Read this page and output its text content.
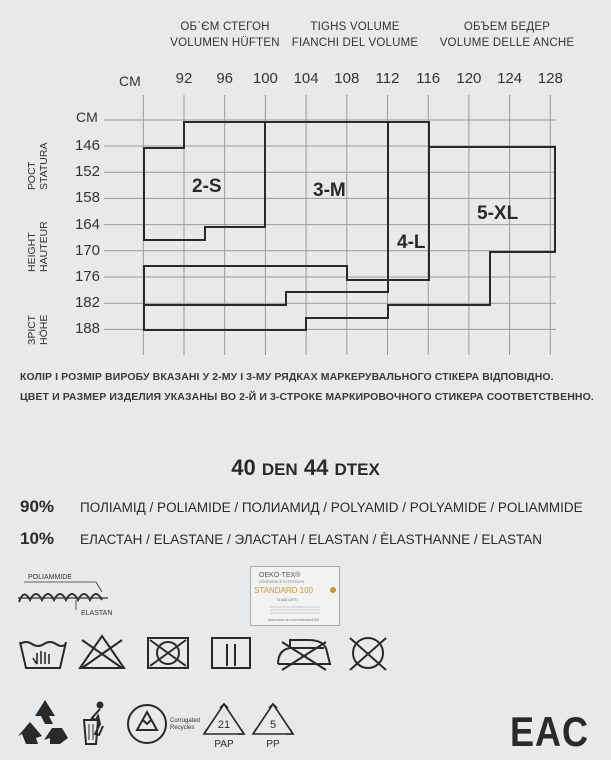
ОБ`ЄМ СТЕГОН
VOLUMEN HÜFTEN
TIGHS VOLUME
FIANCHI DEL VOLUME
ОБЪЕМ БЕДЕР
VOLUME DELLE ANCHE
CM 92 96 100 104 108 112 116 120 124 128
CM
146
152
158
164
170
176
182
188
РОСТ
STATURA
HEIGHT
HAUTEUR
ЗРІСТ
HÖHE
2-S	3-M
4-L
5-XL
КОЛІР І РОЗМІР ВИРОБУ ВКАЗАНІ У 2-МУ І 3-МУ РЯДКАХ МАРКЕРУВАЛЬНОГО СТІКЕРА ВІДПОВІДНО.
ЦВЕТ И РАЗМЕР ИЗДЕЛИЯ УКАЗАНЫ ВО 2-Й И 3-СТРОКЕ МАРКИРОВОЧНОГО СТИКЕРА СООТВЕТСТВЕННО.
40 DEN 44 DTEX
90% ПОЛІАМІД / POLIAMIDE / ПОЛИАМИД / POLYAMID / POLYAMIDE / POLIAMMIDE
10% ЕЛАСТАН / ELASTANE / ЭЛАСТАН / ELASTAN / ÈLASTHANNE / ELASTAN
POLIAMMIDE
ELASTAN
OEKO-TEX®
CONFIDENCE IN TEXTILES
STANDARD 100
71443 OETI
www.oeko-tex.com/standard100
Corrugated
Recycles 21
PAP
5
PP	EAC
